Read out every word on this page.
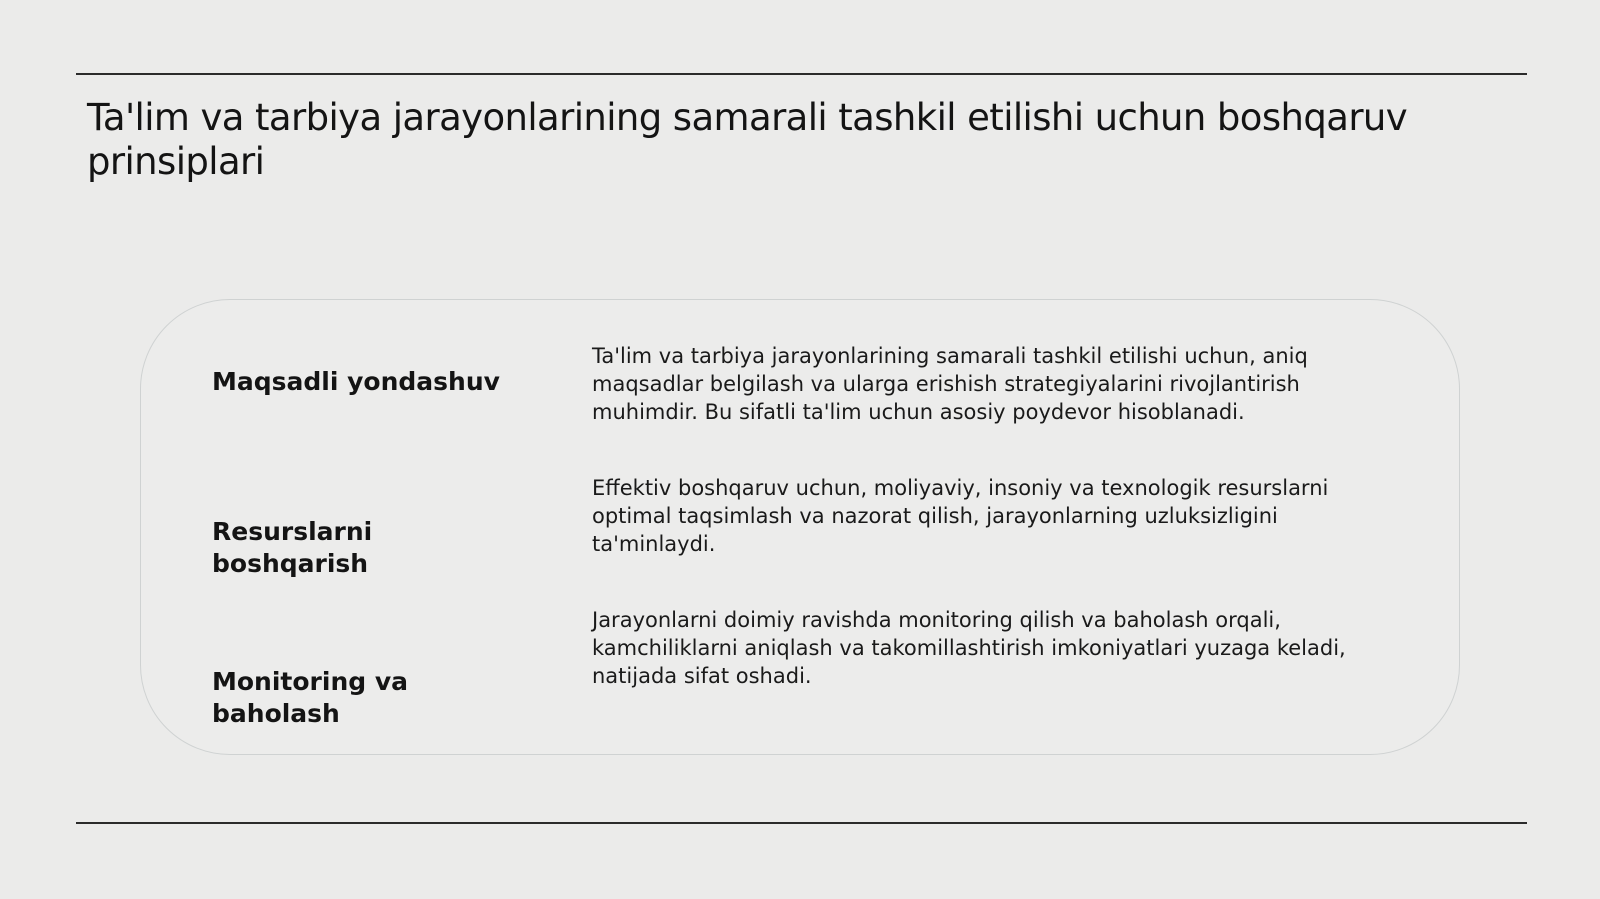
Ta'lim va tarbiya jarayonlarining samarali tashkil etilishi uchun boshqaruv prinsiplari

Maqsadli yondashuv

Ta'lim va tarbiya jarayonlarining samarali tashkil etilishi uchun, aniq maqsadlar belgilash va ularga erishish strategiyalarini rivojlantirish muhimdir. Bu sifatli ta'lim uchun asosiy poydevor hisoblanadi.

Resurslarni boshqarish

Effektiv boshqaruv uchun, moliyaviy, insoniy va texnologik resurslarni optimal taqsimlash va nazorat qilish, jarayonlarning uzluksizligini ta'minlaydi.

Monitoring va baholash

Jarayonlarni doimiy ravishda monitoring qilish va baholash orqali, kamchiliklarni aniqlash va takomillashtirish imkoniyatlari yuzaga keladi, natijada sifat oshadi.
